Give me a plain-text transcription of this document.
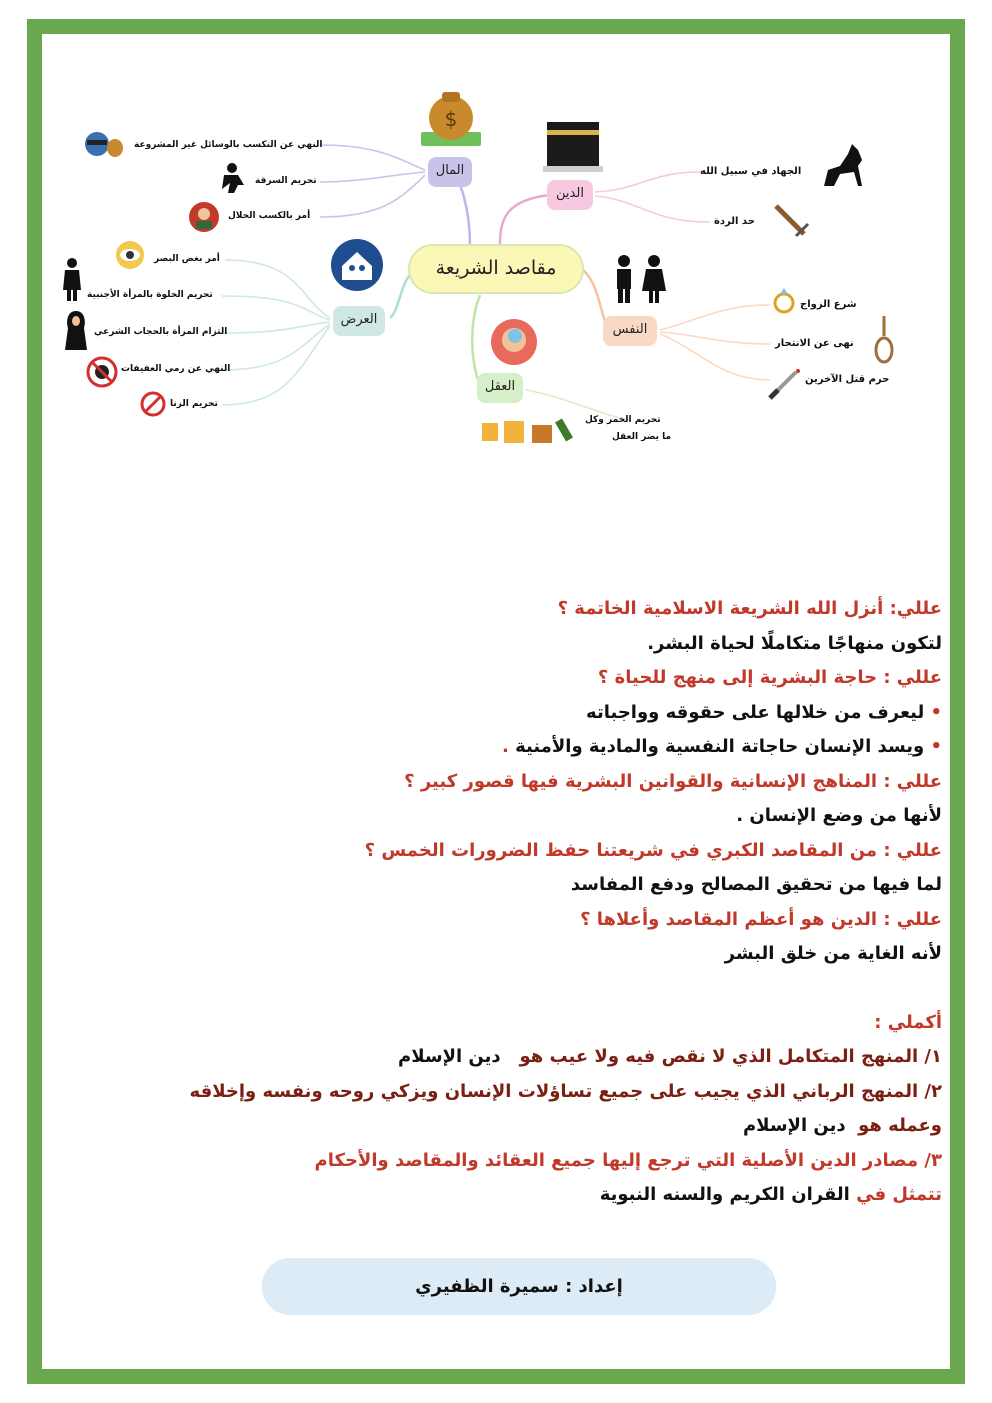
مقاصد الشريعة
المال
الدين
العرض
النفس
العقل
النهي عن التكسب بالوسائل غير المشروعة
تحريم السرقة
أمر بالكسب الحلال
الجهاد في سبيل الله
حد الردة
أمر بغض البصر
تحريم الخلوة بالمرأة الأجنبية
التزام المرأة بالحجاب الشرعي
النهي عن رمي العفيفات
تحريم الزنا
شرع الزواج
نهى عن الانتحار
حرم قتل الآخرين
تحريم الخمر وكل
ما يضر العقل
$
عللي: أنزل الله الشريعة الاسلامية الخاتمة ؟
لتكون منهاجًا متكاملًا لحياة البشر.
عللي : حاجة البشرية إلى منهج للحياة ؟
• ليعرف من خلالها على حقوقه وواجباته
• ويسد الإنسان حاجاتة النفسية والمادية والأمنية .
عللي : المناهج الإنسانية والقوانين البشرية فيها قصور كبير ؟
لأنها من وضع الإنسان .
عللي : من المقاصد الكبري في شريعتنا حفظ الضرورات الخمس ؟
لما فيها من تحقيق المصالح ودفع المفاسد
عللي : الدين هو أعظم المقاصد وأعلاها ؟
لأنه الغاية من خلق البشر
أكملي :
١/ المنهج المتكامل الذي لا نقص فيه ولا عيب هو   دين الإسلام
٢/ المنهج الرباني الذي يجيب على جميع تساؤلات الإنسان ويزكي روحه ونفسه وإخلاقه
وعمله هو  دين الإسلام
٣/ مصادر الدين الأصلية التي ترجع إليها جميع العقائد والمقاصد والأحكام
تتمثل في القران الكريم والسنه النبوية
إعداد : سميرة الظفيري
